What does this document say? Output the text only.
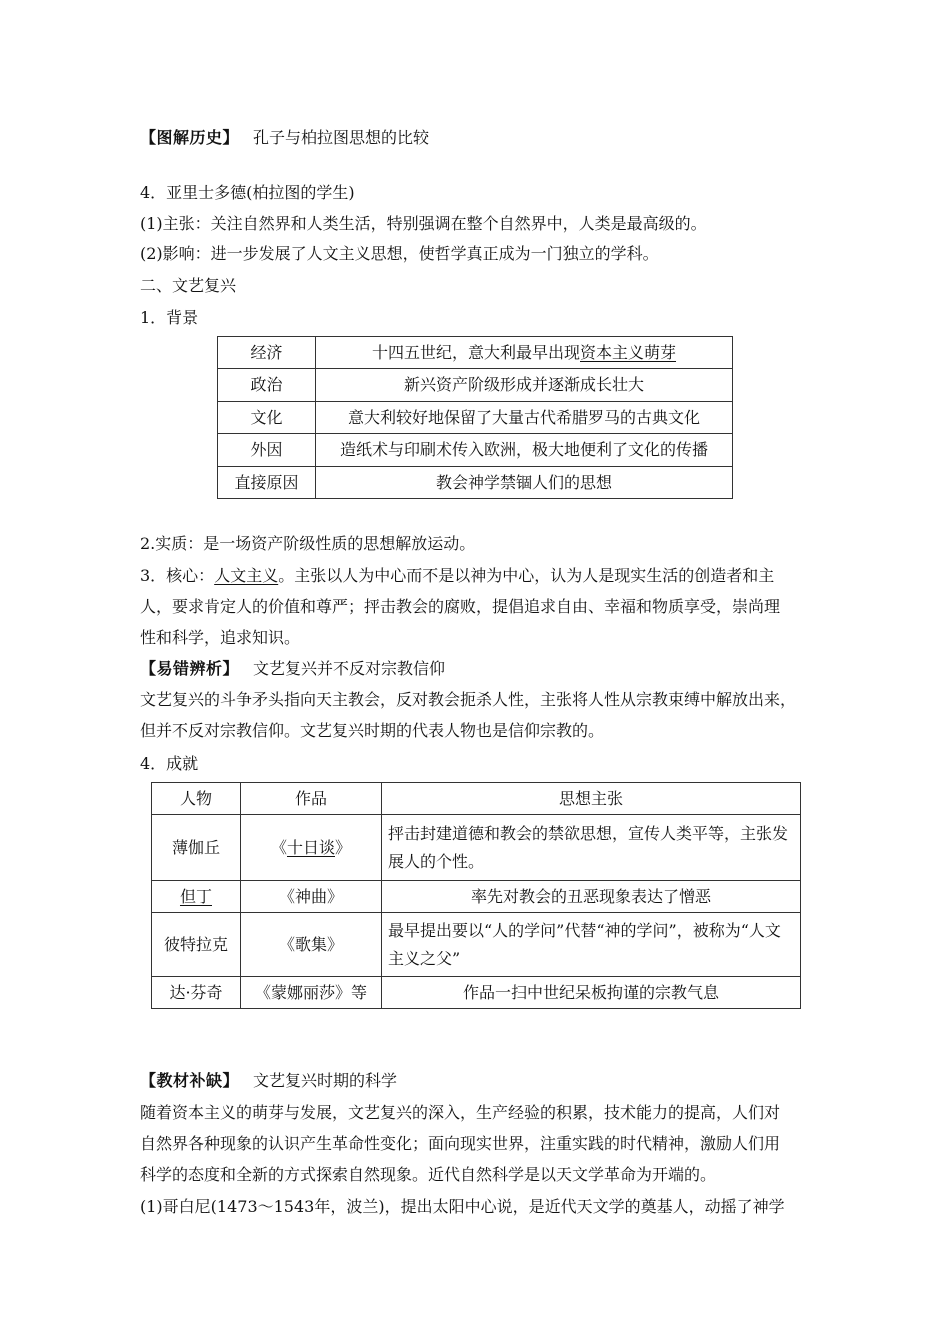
【图解历史】 孔子与柏拉图思想的比较
4．亚里士多德(柏拉图的学生)
(1)主张：关注自然界和人类生活，特别强调在整个自然界中，人类是最高级的。
(2)影响：进一步发展了人文主义思想，使哲学真正成为一门独立的学科。
二、文艺复兴
1．背景
经济	十四五世纪，意大利最早出现资本主义萌芽
政治	新兴资产阶级形成并逐渐成长壮大
文化	意大利较好地保留了大量古代希腊罗马的古典文化
外因	造纸术与印刷术传入欧洲，极大地便利了文化的传播
直接原因	教会神学禁锢人们的思想
2.实质：是一场资产阶级性质的思想解放运动。
3．核心：人文主义。主张以人为中心而不是以神为中心，认为人是现实生活的创造者和主
人，要求肯定人的价值和尊严；抨击教会的腐败，提倡追求自由、幸福和物质享受，崇尚理
性和科学，追求知识。
【易错辨析】 文艺复兴并不反对宗教信仰
文艺复兴的斗争矛头指向天主教会，反对教会扼杀人性，主张将人性从宗教束缚中解放出来，
但并不反对宗教信仰。文艺复兴时期的代表人物也是信仰宗教的。
4．成就
人物	作品	思想主张
薄伽丘	《十日谈》	抨击封建道德和教会的禁欲思想，宣传人类平等，主张发展人的个性。
但丁	《神曲》	率先对教会的丑恶现象表达了憎恶
彼特拉克	《歌集》	最早提出要以“人的学问”代替“神的学问”，被称为“人文主义之父”
达·芬奇	《蒙娜丽莎》等	作品一扫中世纪呆板拘谨的宗教气息
【教材补缺】 文艺复兴时期的科学
随着资本主义的萌芽与发展，文艺复兴的深入，生产经验的积累，技术能力的提高，人们对
自然界各种现象的认识产生革命性变化；面向现实世界，注重实践的时代精神，激励人们用
科学的态度和全新的方式探索自然现象。近代自然科学是以天文学革命为开端的。
(1)哥白尼(1473～1543年，波兰)，提出太阳中心说，是近代天文学的奠基人，动摇了神学
